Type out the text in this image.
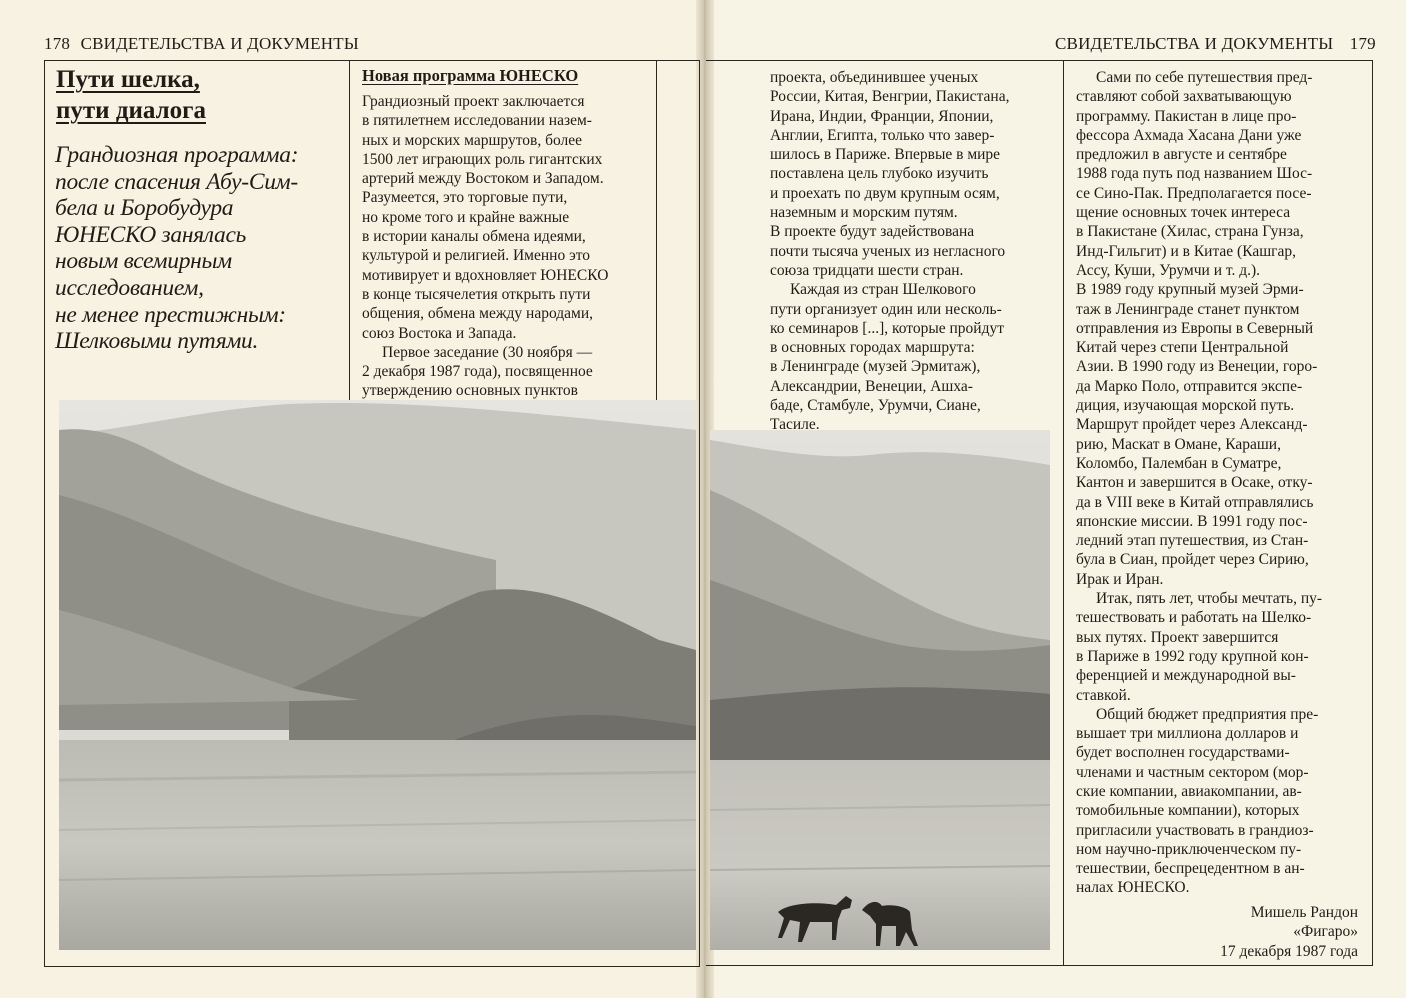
178 СВИДЕТЕЛЬСТВА И ДОКУМЕНТЫ	СВИДЕТЕЛЬСТВА И ДОКУМЕНТЫ 179
Пути шелка,
пути диалога
Грандиозная программа:
после спасения Абу-Сим-
бела и Боробудура
ЮНЕСКО занялась
новым всемирным
исследованием,
не менее престижным:
Шелковыми путями.
Новая программа ЮНЕСКО
Грандиозный проект заключается
в пятилетнем исследовании назем-
ных и морских маршрутов, более
1500 лет играющих роль гигантских
артерий между Востоком и Западом.
Разумеется, это торговые пути,
но кроме того и крайне важные
в истории каналы обмена идеями,
культурой и религией. Именно это
мотивирует и вдохновляет ЮНЕСКО
в конце тысячелетия открыть пути
общения, обмена между народами,
союз Востока и Запада.
Первое заседание (30 ноября —
2 декабря 1987 года), посвященное
утверждению основных пунктов
проекта, объединившее ученых
России, Китая, Венгрии, Пакистана,
Ирана, Индии, Франции, Японии,
Англии, Египта, только что завер-
шилось в Париже. Впервые в мире
поставлена цель глубоко изучить
и проехать по двум крупным осям,
наземным и морским путям.
В проекте будут задействована
почти тысяча ученых из негласного
союза тридцати шести стран.
Каждая из стран Шелкового
пути организует один или несколь-
ко семинаров [...], которые пройдут
в основных городах маршрута:
в Ленинграде (музей Эрмитаж),
Александрии, Венеции, Ашха-
баде, Стамбуле, Урумчи, Сиане,
Тасиле.
Сами по себе путешествия пред-
ставляют собой захватывающую
программу. Пакистан в лице про-
фессора Ахмада Хасана Дани уже
предложил в августе и сентябре
1988 года путь под названием Шос-
се Сино-Пак. Предполагается посе-
щение основных точек интереса
в Пакистане (Хилас, страна Гунза,
Инд-Гильгит) и в Китае (Кашгар,
Ассу, Куши, Урумчи и т. д.).
В 1989 году крупный музей Эрми-
таж в Ленинграде станет пунктом
отправления из Европы в Северный
Китай через степи Центральной
Азии. В 1990 году из Венеции, горо-
да Марко Поло, отправится экспе-
диция, изучающая морской путь.
Маршрут пройдет через Александ-
рию, Маскат в Омане, Караши,
Коломбо, Палембан в Суматре,
Кантон и завершится в Осаке, отку-
да в VIII веке в Китай отправлялись
японские миссии. В 1991 году пос-
ледний этап путешествия, из Стан-
була в Сиан, пройдет через Сирию,
Ирак и Иран.
Итак, пять лет, чтобы мечтать, пу-
тешествовать и работать на Шелко-
вых путях. Проект завершится
в Париже в 1992 году крупной кон-
ференцией и международной вы-
ставкой.
Общий бюджет предприятия пре-
вышает три миллиона долларов и
будет восполнен государствами-
членами и частным сектором (мор-
ские компании, авиакомпании, ав-
томобильные компании), которых
пригласили участвовать в грандиоз-
ном научно-приключенческом пу-
тешествии, беспрецедентном в ан-
налах ЮНЕСКО.
Мишель Рандон
«Фигаро»
17 декабря 1987 года
